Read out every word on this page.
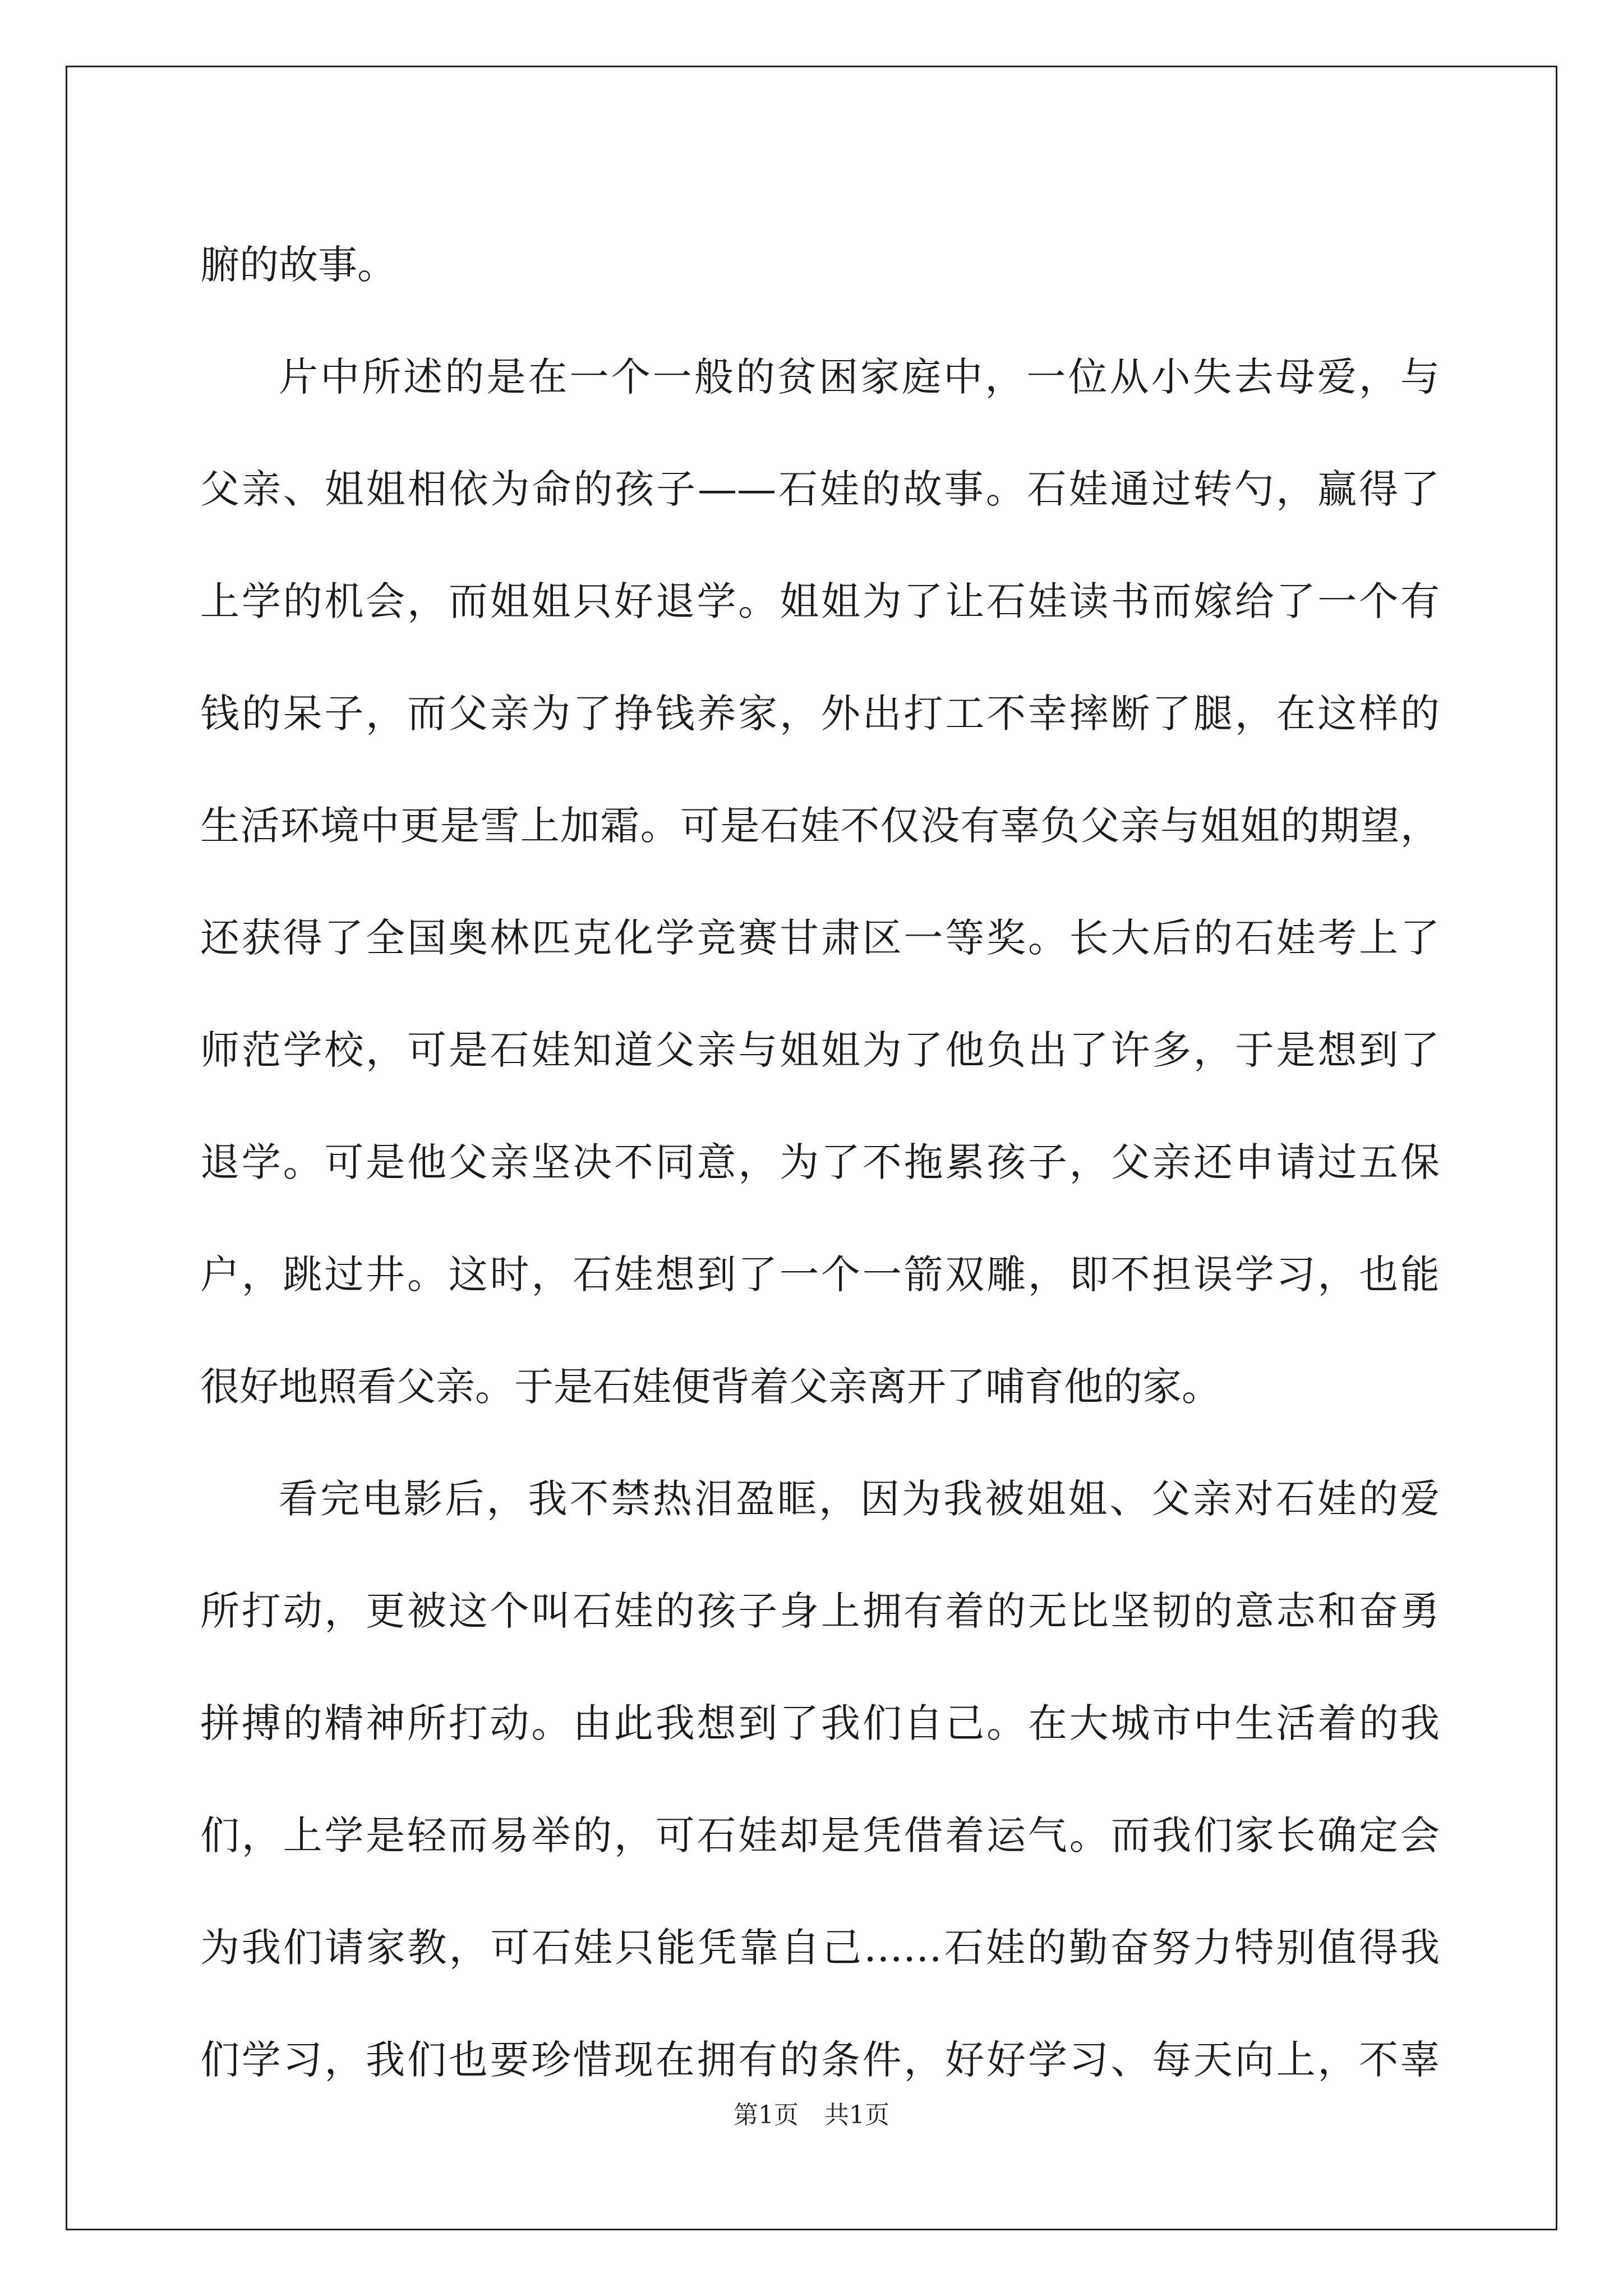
腑的故事。
片中所述的是在一个一般的贫困家庭中，一位从小失去母爱，与
父亲、姐姐相依为命的孩子——石娃的故事。石娃通过转勺，赢得了
上学的机会，而姐姐只好退学。姐姐为了让石娃读书而嫁给了一个有
钱的呆子，而父亲为了挣钱养家，外出打工不幸摔断了腿，在这样的
生活环境中更是雪上加霜。可是石娃不仅没有辜负父亲与姐姐的期望，
还获得了全国奥林匹克化学竞赛甘肃区一等奖。长大后的石娃考上了
师范学校，可是石娃知道父亲与姐姐为了他负出了许多，于是想到了
退学。可是他父亲坚决不同意，为了不拖累孩子，父亲还申请过五保
户，跳过井。这时，石娃想到了一个一箭双雕，即不担误学习，也能
很好地照看父亲。于是石娃便背着父亲离开了哺育他的家。
看完电影后，我不禁热泪盈眶，因为我被姐姐、父亲对石娃的爱
所打动，更被这个叫石娃的孩子身上拥有着的无比坚韧的意志和奋勇
拼搏的精神所打动。由此我想到了我们自己。在大城市中生活着的我
们，上学是轻而易举的，可石娃却是凭借着运气。而我们家长确定会
为我们请家教，可石娃只能凭靠自己……石娃的勤奋努力特别值得我
们学习，我们也要珍惜现在拥有的条件，好好学习、每天向上，不辜
第1页 共1页
